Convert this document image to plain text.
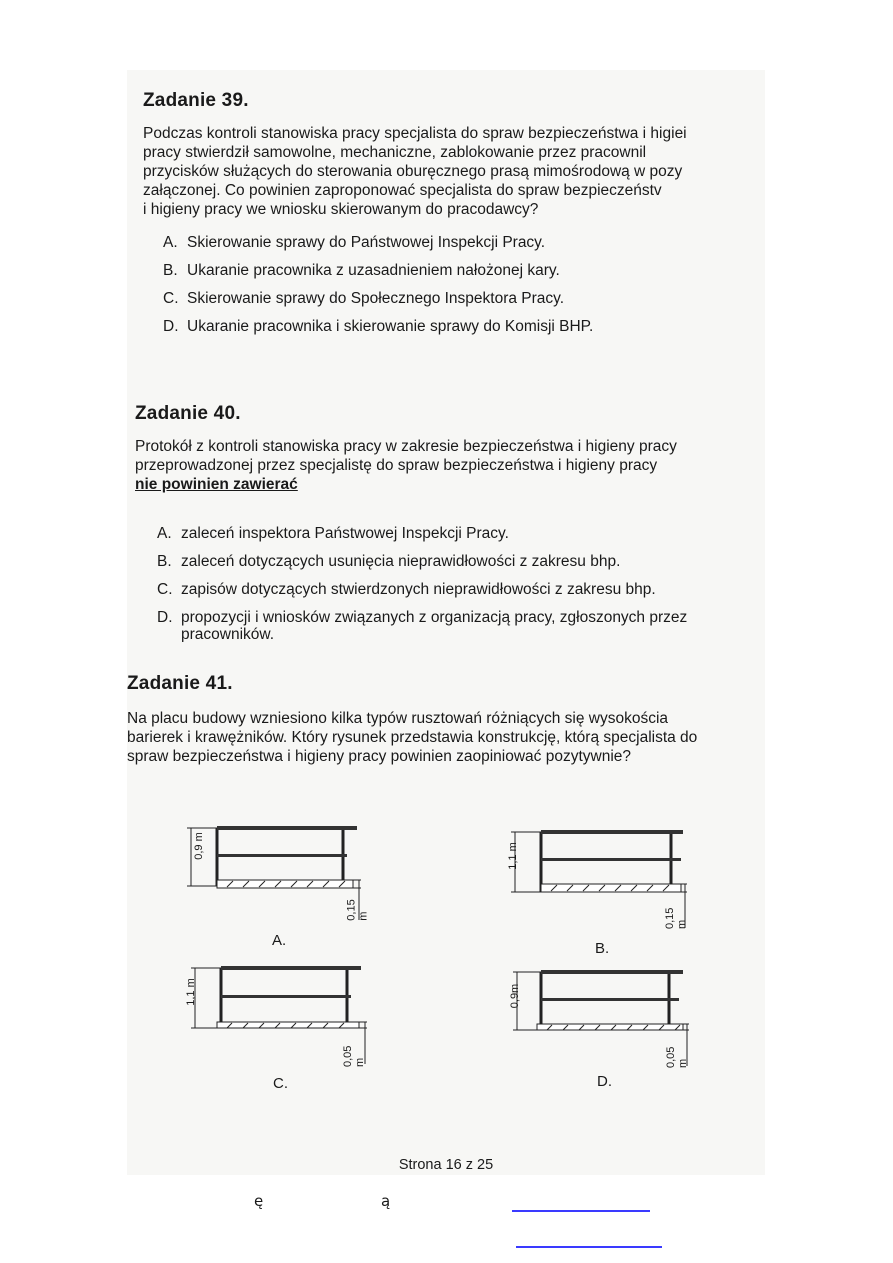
Zadanie 39.

Podczas kontroli stanowiska pracy specjalista do spraw bezpieczeństwa i higiei
pracy stwierdził samowolne, mechaniczne, zablokowanie przez pracownil
przycisków służących do sterowania oburęcznego prasą mimośrodową w pozy
załączonej. Co powinien zaproponować specjalista do spraw bezpieczeństv
i higieny pracy we wniosku skierowanym do pracodawcy?

A. Skierowanie sprawy do Państwowej Inspekcji Pracy.
B. Ukaranie pracownika z uzasadnieniem nałożonej kary.
C. Skierowanie sprawy do Społecznego Inspektora Pracy.
D. Ukaranie pracownika i skierowanie sprawy do Komisji BHP.
Zadanie 40.

Protokół z kontroli stanowiska pracy w zakresie bezpieczeństwa i higieny pracy
przeprowadzonej przez specjalistę do spraw bezpieczeństwa i higieny pracy
nie powinien zawierać

A. zaleceń inspektora Państwowej Inspekcji Pracy.
B. zaleceń dotyczących usunięcia nieprawidłowości z zakresu bhp.
C. zapisów dotyczących stwierdzonych nieprawidłowości z zakresu bhp.
D. propozycji i wniosków związanych z organizacją pracy, zgłoszonych przez
pracowników.
Zadanie 41.

Na placu budowy wzniesiono kilka typów rusztowań różniących się wysokościa
barierek i krawężników. Który rysunek przedstawia konstrukcję, którą specjalista do
spraw bezpieczeństwa i higieny pracy powinien zaopiniować pozytywnie?

0,9 m
0,15 m
A.
1,1 m
0,15 m
B.
1,1 m
0,05 m
C.
0,9m
0,05 m
D.
Strona 16 z 25
ę	ą
